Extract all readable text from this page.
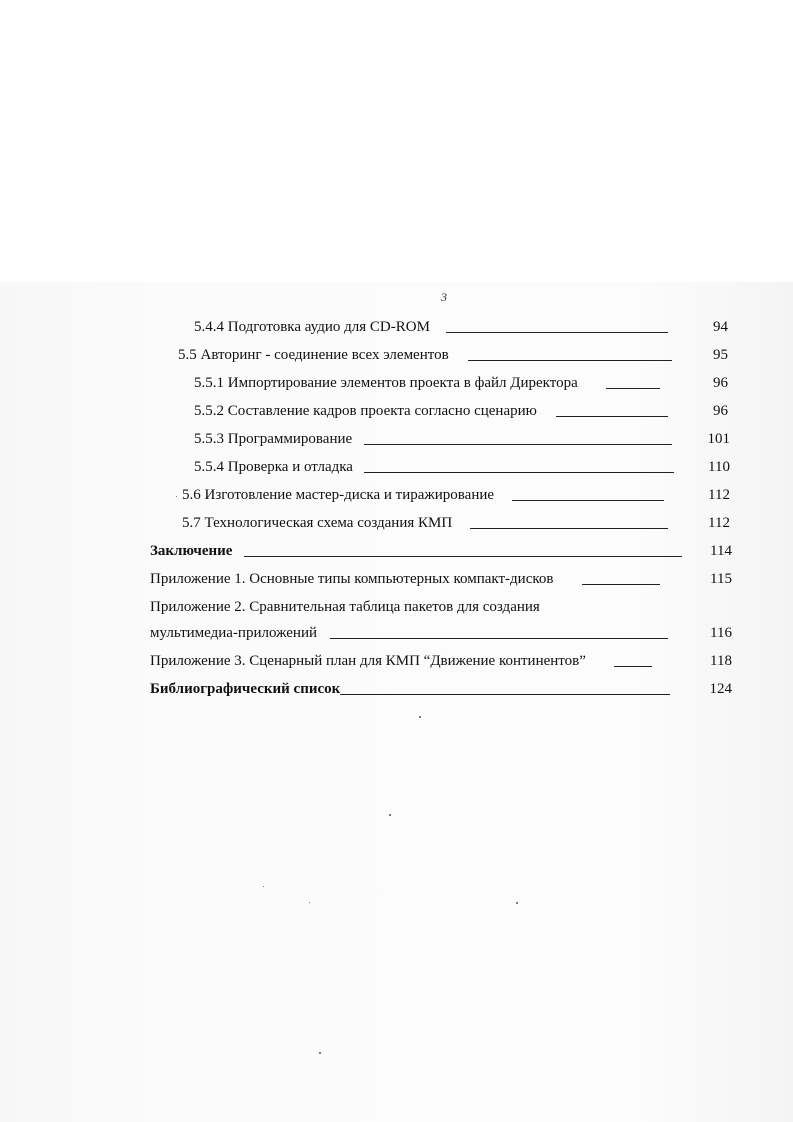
3
5.4.4 Подготовка аудио для CD-ROM	94
5.5 Авторинг - соединение всех элементов	95
5.5.1 Импортирование элементов проекта в файл Директора	96
5.5.2 Составление кадров проекта согласно сценарию	96
5.5.3 Программирование	101
5.5.4 Проверка и отладка	110
5.6 Изготовление мастер-диска и тиражирование	112
5.7 Технологическая схема создания КМП	112
Заключение	114
Приложение 1. Основные типы компьютерных компакт-дисков	115
Приложение 2. Сравнительная таблица пакетов для создания
мультимедиа-приложений	116
Приложение 3. Сценарный план для КМП “Движение континентов”	118
Библиографический список	124
